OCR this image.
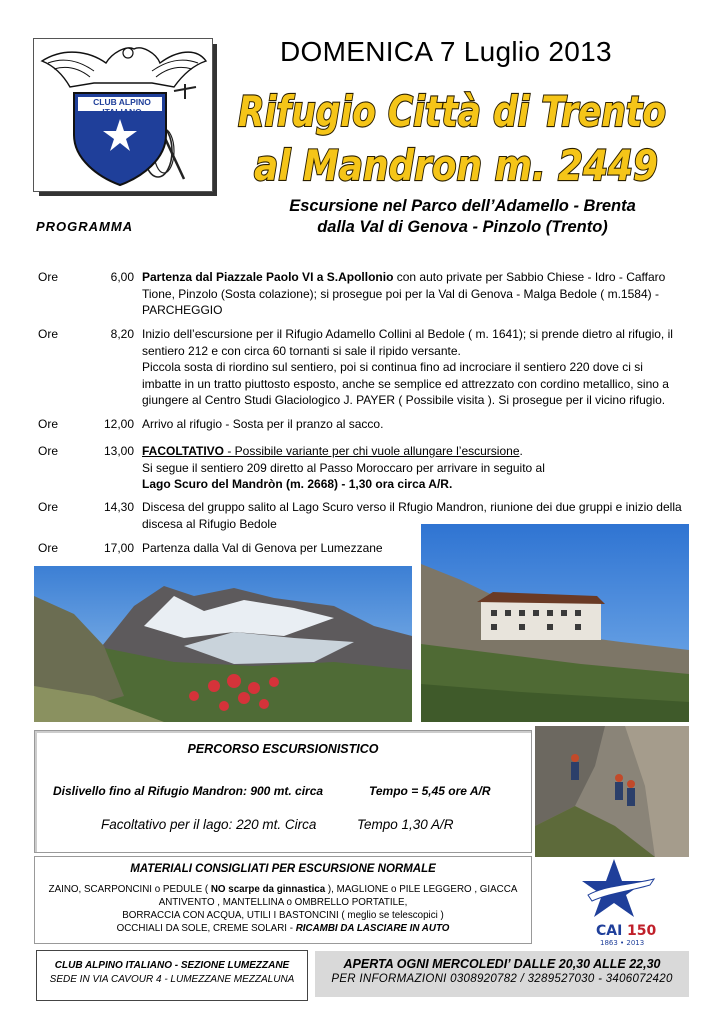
CLUB ALPINO ITALIANO
DOMENICA 7 Luglio 2013
Rifugio Città di Trento
al Mandron m. 2449
Escursione nel Parco dell’Adamello - Brenta
dalla Val di Genova - Pinzolo (Trento)
PROGRAMMA
Ore	6,00 Partenza dal Piazzale Paolo VI a S.Apollonio con auto private per Sabbio Chiese - Idro - Caffaro
Tione, Pinzolo (Sosta colazione); si prosegue poi per la Val di Genova - Malga Bedole ( m.1584) -
PARCHEGGIO
Ore	8,20 Inizio dell’escursione per il Rifugio Adamello Collini al Bedole ( m. 1641); si prende dietro al rifugio, il
sentiero 212 e con circa 60 tornanti si sale il ripido versante.
Piccola sosta di riordino sul sentiero, poi si continua fino ad incrociare il sentiero 220 dove ci si
imbatte in un tratto piuttosto esposto, anche se semplice ed attrezzato con cordino metallico, sino a
giungere al Centro Studi Glaciologico J. PAYER ( Possibile visita ). Si prosegue per il vicino rifugio.
Ore	12,00 Arrivo al rifugio - Sosta per il pranzo al sacco.
Ore	13,00 FACOLTATIVO - Possibile variante per chi vuole allungare l’escursione.
Si segue il sentiero 209 diretto al Passo Moroccaro per arrivare in seguito al
Lago Scuro del Mandròn (m. 2668) - 1,30 ora circa A/R.
Ore	14,30 Discesa del gruppo salito al Lago Scuro verso il Rfugio Mandron, riunione dei due gruppi e inizio della
discesa al Rifugio Bedole
Ore	17,00 Partenza dalla Val di Genova per Lumezzane
PERCORSO ESCURSIONISTICO
Dislivello fino al Rifugio Mandron: 900 mt. circa	Tempo = 5,45 ore A/R
Facoltativo per il lago: 220 mt. Circa	Tempo 1,30 A/R
MATERIALI CONSIGLIATI PER ESCURSIONE NORMALE
ZAINO, SCARPONCINI o PEDULE ( NO scarpe da ginnastica ), MAGLIONE o PILE LEGGERO , GIACCA
ANTIVENTO , MANTELLINA o OMBRELLO PORTATILE,
BORRACCIA CON ACQUA, UTILI I BASTONCINI ( meglio se telescopici )
OCCHIALI DA SOLE, CREME SOLARI - RICAMBI DA LASCIARE IN AUTO	CAI 150
1863 • 2013
CLUB ALPINO ITALIANO - SEZIONE LUMEZZANE
SEDE IN VIA CAVOUR 4 - LUMEZZANE MEZZALUNA
APERTA OGNI MERCOLEDI’ DALLE 20,30 ALLE 22,30
PER INFORMAZIONI 0308920782 / 3289527030 - 3406072420
